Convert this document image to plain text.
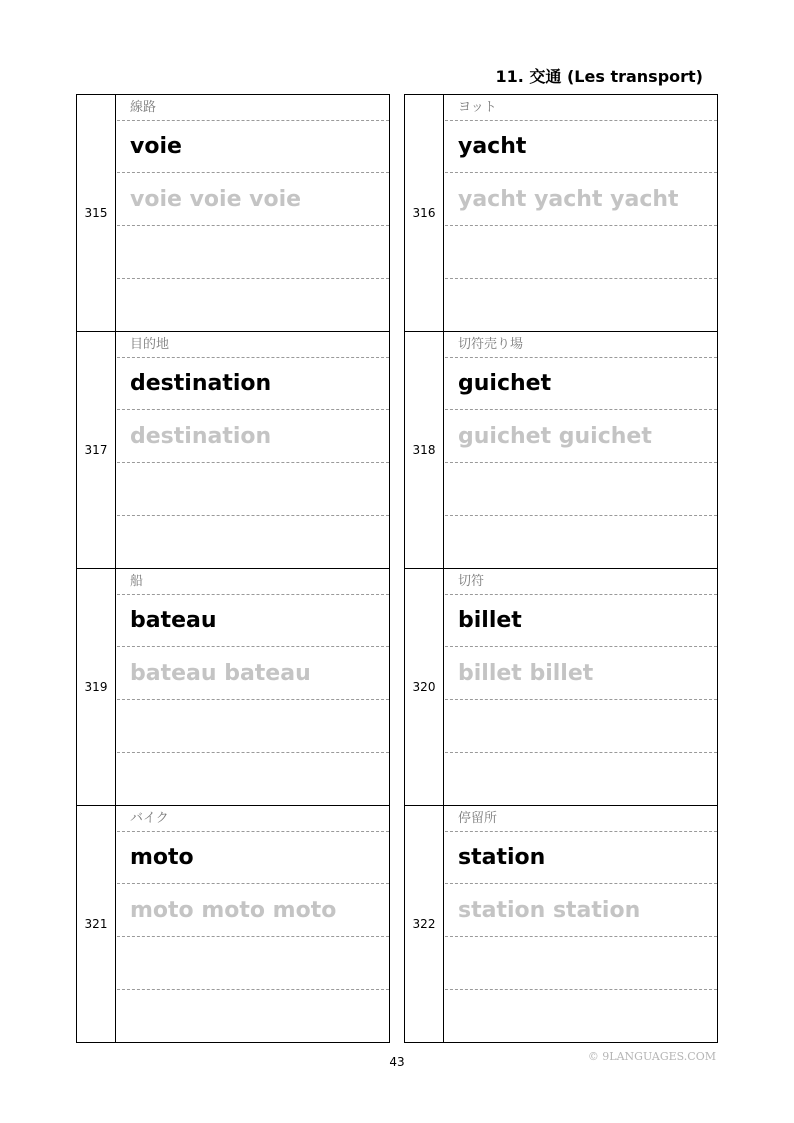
11. 交通 (Les transport)
315
線路
voie
voie voie voie
317
目的地
destination
destination
319
船
bateau
bateau bateau
321
バイク
moto
moto moto moto
316
ヨット
yacht
yacht yacht yacht
318
切符売り場
guichet
guichet guichet
320
切符
billet
billet billet
322
停留所
station
station station
43	© 9LANGUAGES.COM
